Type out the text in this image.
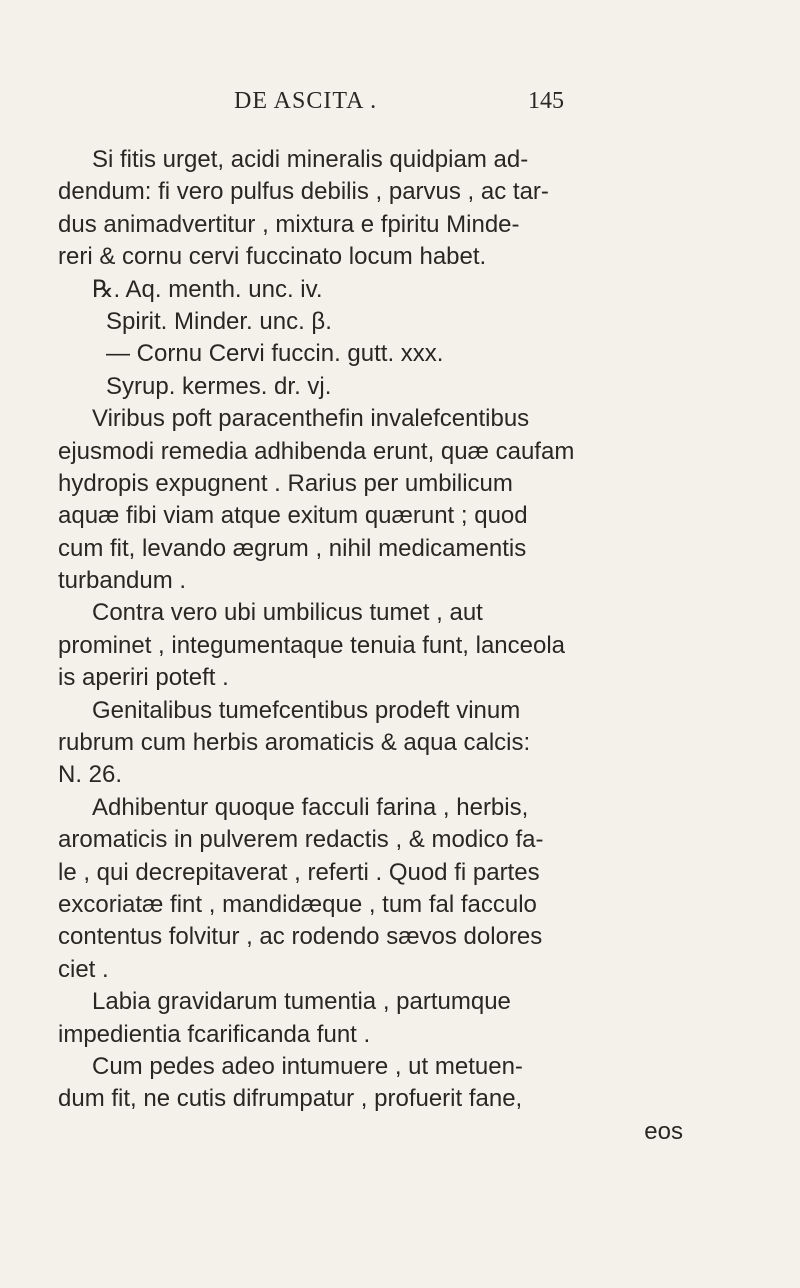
DE ASCITA .	145
Si fitis urget, acidi mineralis quidpiam ad-
dendum: fi vero pulfus debilis , parvus , ac tar-
dus animadvertitur , mixtura e fpiritu Minde-
reri & cornu cervi fuccinato locum habet.
℞. Aq. menth. unc. iv.
Spirit. Minder. unc. β.
— Cornu Cervi fuccin. gutt. xxx.
Syrup. kermes. dr. vj.
Viribus poft paracenthefin invalefcentibus
ejusmodi remedia adhibenda erunt, quæ caufam
hydropis expugnent . Rarius per umbilicum
aquæ fibi viam atque exitum quærunt ; quod
cum fit, levando ægrum , nihil medicamentis
turbandum .
Contra vero ubi umbilicus tumet , aut
prominet , integumentaque tenuia funt, lanceola
is aperiri poteft .
Genitalibus tumefcentibus prodeft vinum
rubrum cum herbis aromaticis & aqua calcis:
N. 26.
Adhibentur quoque facculi farina , herbis,
aromaticis in pulverem redactis , & modico fa-
le , qui decrepitaverat , referti . Quod fi partes
excoriatæ fint , mandidæque , tum fal facculo
contentus folvitur , ac rodendo sævos dolores
ciet .
Labia gravidarum tumentia , partumque
impedientia fcarificanda funt .
Cum pedes adeo intumuere , ut metuen-
dum fit, ne cutis difrumpatur , profuerit fane,
eos
